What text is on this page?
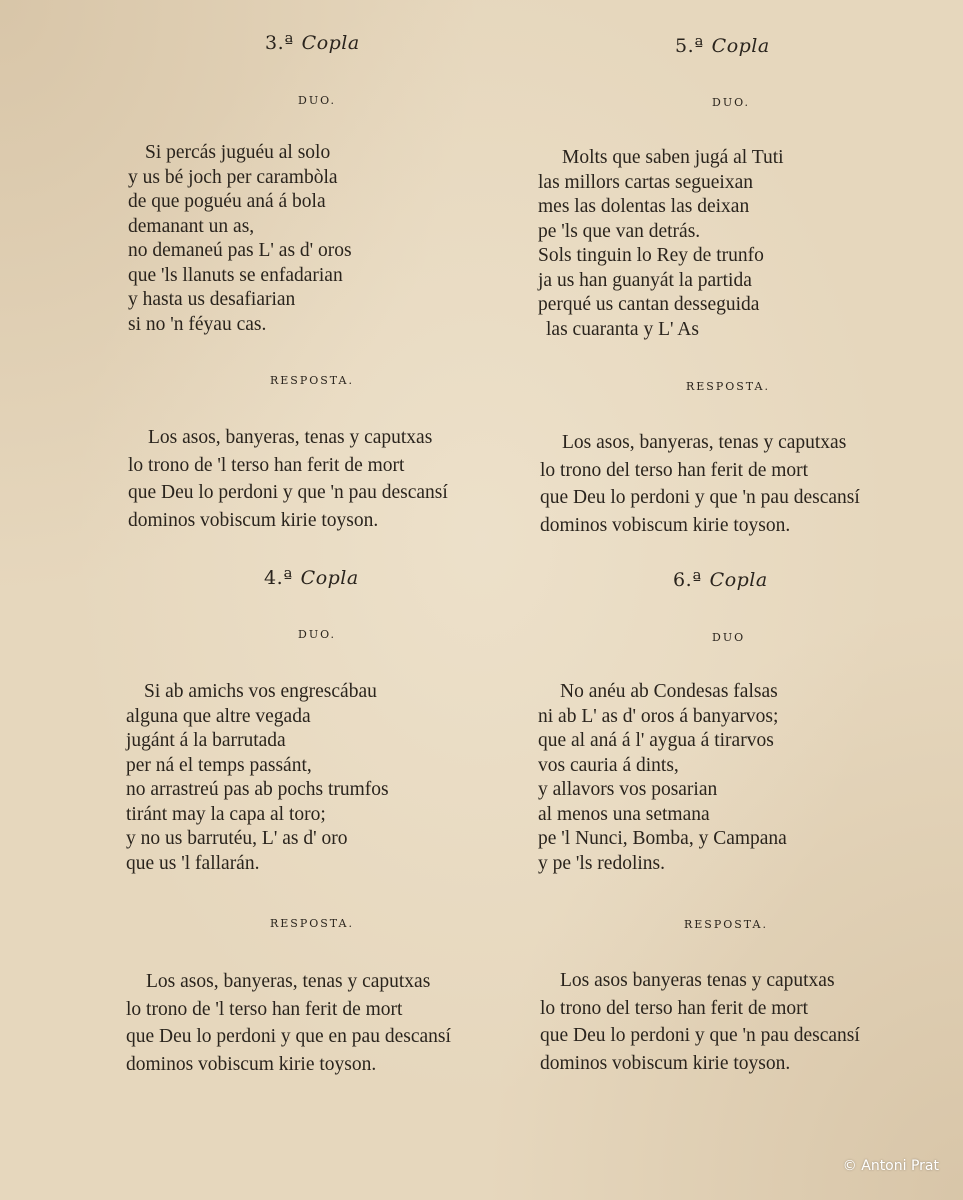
3.ª Copla
DUO.
Si percás juguéu al solo
y us bé joch per carambòla
de que poguéu aná á bola
demanant un as,
no demaneú pas L' as d' oros
que 'ls llanuts se enfadarian
y hasta us desafiarian
si no 'n féyau cas.
RESPOSTA.
Los asos, banyeras, tenas y caputxas
lo trono de 'l terso han ferit de mort
que Deu lo perdoni y que 'n pau descansí
dominos vobiscum kirie toyson.
5.ª Copla
DUO.
Molts que saben jugá al Tuti
las millors cartas segueixan
mes las dolentas las deixan
pe 'ls que van detrás.
Sols tinguin lo Rey de trunfo
ja us han guanyát la partida
perqué us cantan desseguida
las cuaranta y L' As
RESPOSTA.
Los asos, banyeras, tenas y caputxas
lo trono del terso han ferit de mort
que Deu lo perdoni y que 'n pau descansí
dominos vobiscum kirie toyson.
4.ª Copla
DUO.
Si ab amichs vos engrescábau
alguna que altre vegada
jugánt á la barrutada
per ná el temps passánt,
no arrastreú pas ab pochs trumfos
tiránt may la capa al toro;
y no us barrutéu, L' as d' oro
que us 'l fallarán.
RESPOSTA.
Los asos, banyeras, tenas y caputxas
lo trono de 'l terso han ferit de mort
que Deu lo perdoni y que en pau descansí
dominos vobiscum kirie toyson.
6.ª Copla
DUO
No anéu ab Condesas falsas
ni ab L' as d' oros á banyarvos;
que al aná á l' aygua á tirarvos
vos cauria á dints,
y allavors vos posarian
al menos una setmana
pe 'l Nunci, Bomba, y Campana
y pe 'ls redolins.
RESPOSTA.
Los asos banyeras tenas y caputxas
lo trono del terso han ferit de mort
que Deu lo perdoni y que 'n pau descansí
dominos vobiscum kirie toyson.
© Antoni Prat
